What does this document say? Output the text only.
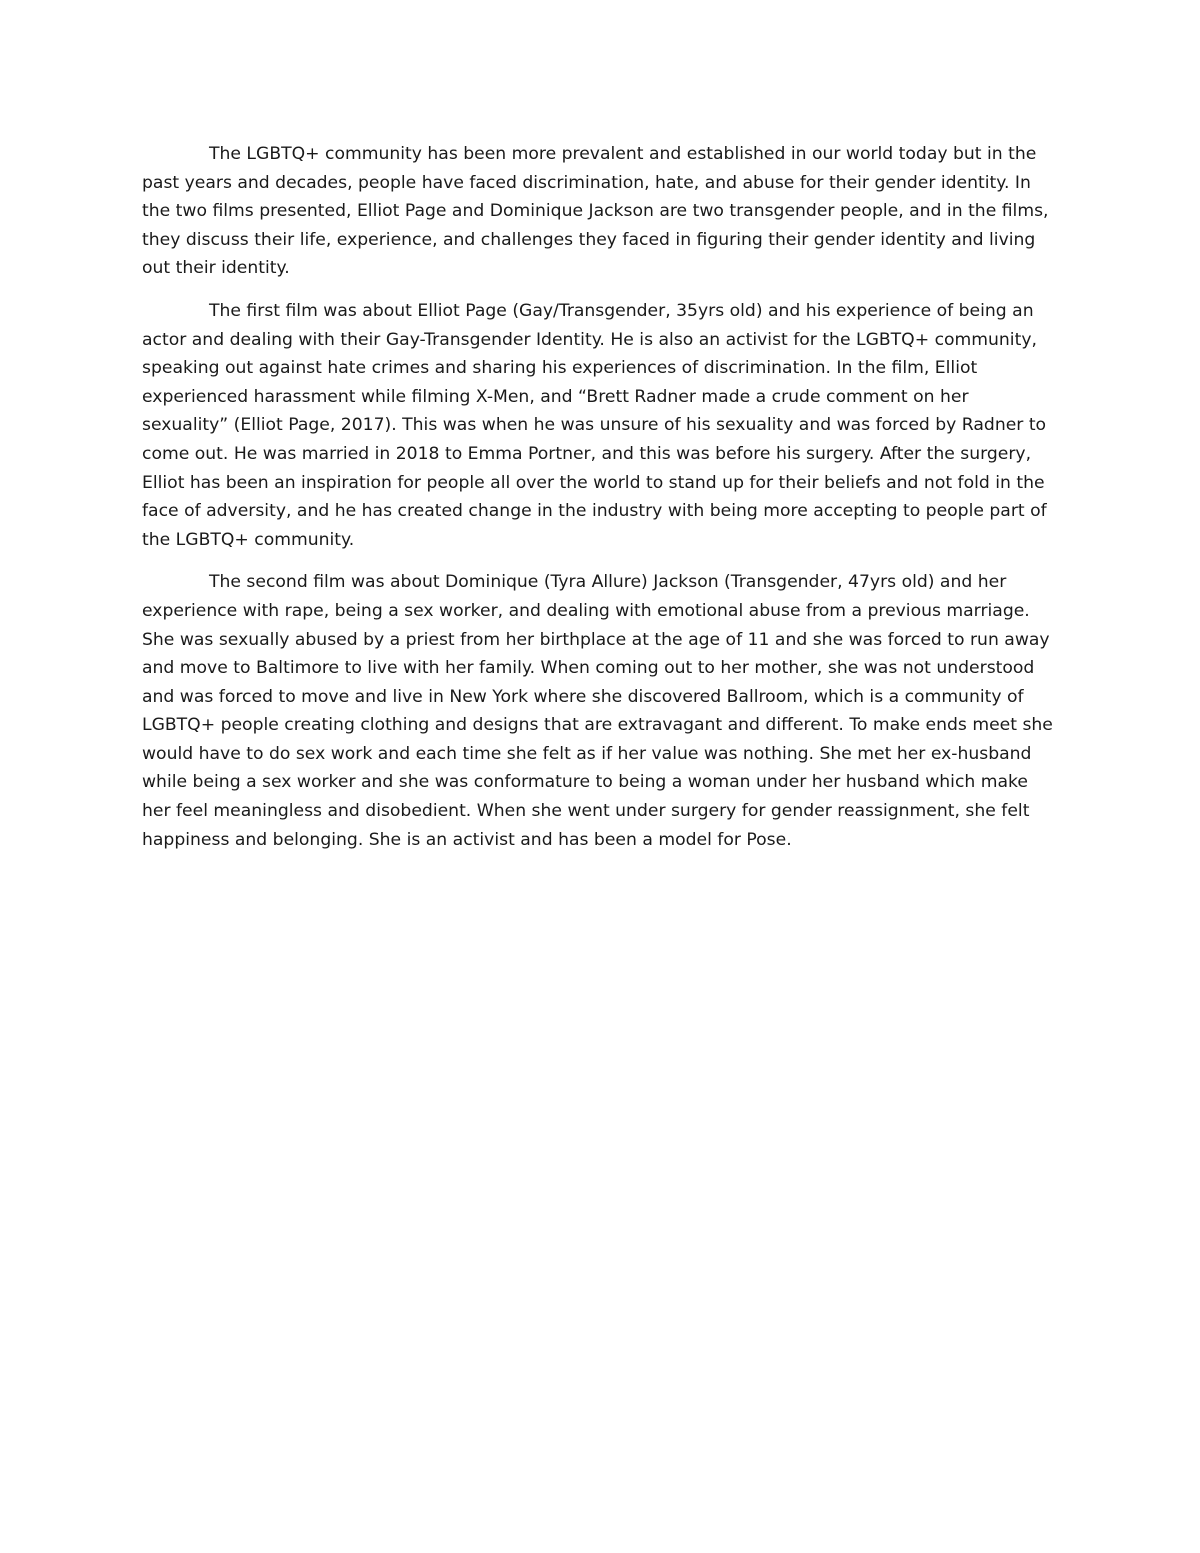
The LGBTQ+ community has been more prevalent and established in our world today but in the past years and decades, people have faced discrimination, hate, and abuse for their gender identity. In the two films presented, Elliot Page and Dominique Jackson are two transgender people, and in the films, they discuss their life, experience, and challenges they faced in figuring their gender identity and living out their identity.

The first film was about Elliot Page (Gay/Transgender, 35yrs old) and his experience of being an actor and dealing with their Gay-Transgender Identity. He is also an activist for the LGBTQ+ community, speaking out against hate crimes and sharing his experiences of discrimination. In the film, Elliot experienced harassment while filming X-Men, and “Brett Radner made a crude comment on her sexuality” (Elliot Page, 2017). This was when he was unsure of his sexuality and was forced by Radner to come out. He was married in 2018 to Emma Portner, and this was before his surgery. After the surgery, Elliot has been an inspiration for people all over the world to stand up for their beliefs and not fold in the face of adversity, and he has created change in the industry with being more accepting to people part of the LGBTQ+ community.

The second film was about Dominique (Tyra Allure) Jackson (Transgender, 47yrs old) and her experience with rape, being a sex worker, and dealing with emotional abuse from a previous marriage. She was sexually abused by a priest from her birthplace at the age of 11 and she was forced to run away and move to Baltimore to live with her family. When coming out to her mother, she was not understood and was forced to move and live in New York where she discovered Ballroom, which is a community of LGBTQ+ people creating clothing and designs that are extravagant and different. To make ends meet she would have to do sex work and each time she felt as if her value was nothing. She met her ex-husband while being a sex worker and she was conformature to being a woman under her husband which make her feel meaningless and disobedient. When she went under surgery for gender reassignment, she felt happiness and belonging. She is an activist and has been a model for Pose.
